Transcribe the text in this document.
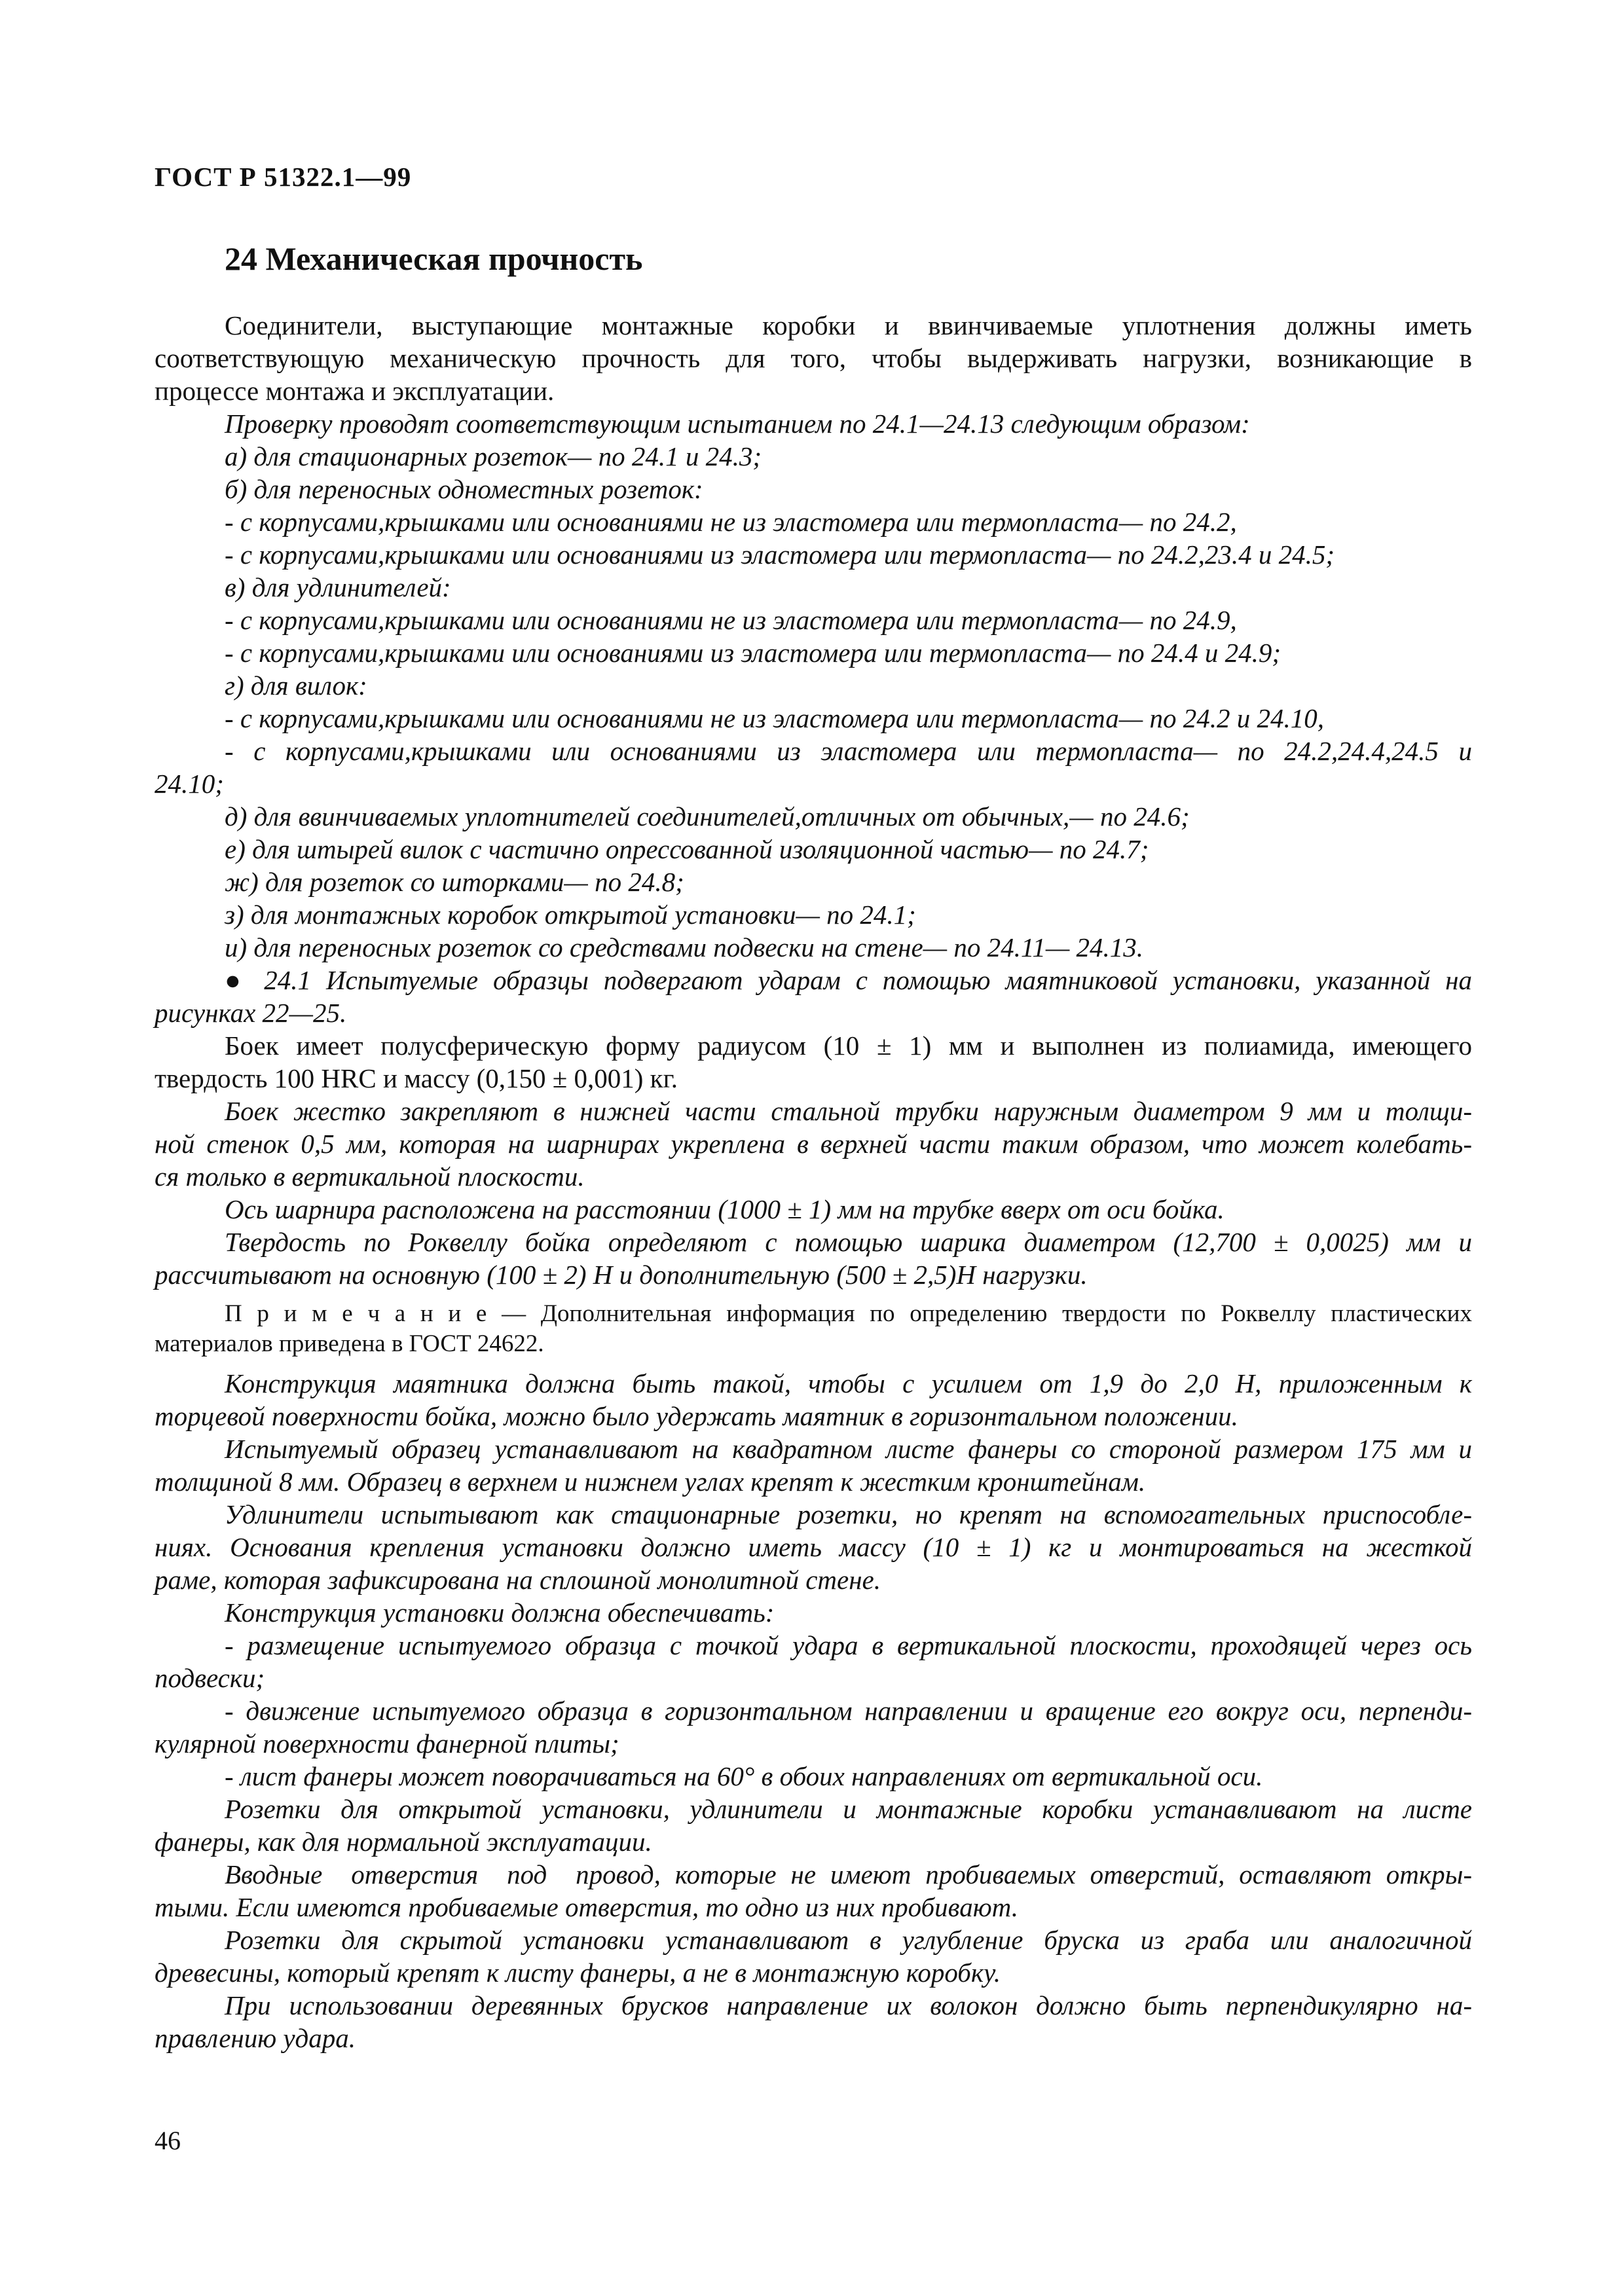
ГОСТ Р 51322.1—99
24 Механическая прочность
Соединители, выступающие монтажные коробки и ввинчиваемые уплотнения должны иметь
соответствующую механическую прочность для того, чтобы выдерживать нагрузки, возникающие в
процессе монтажа и эксплуатации.
Проверку проводят соответствующим испытанием по 24.1—24.13 следующим образом:
а) для стационарных розеток— по 24.1 и 24.3;
б) для переносных одноместных розеток:
- с корпусами,крышками или основаниями не из эластомера или термопласта— по 24.2,
- с корпусами,крышками или основаниями из эластомера или термопласта— по 24.2,23.4 и 24.5;
в) для удлинителей:
- с корпусами,крышками или основаниями не из эластомера или термопласта— по 24.9,
- с корпусами,крышками или основаниями из эластомера или термопласта— по 24.4 и 24.9;
г) для вилок:
- с корпусами,крышками или основаниями не из эластомера или термопласта— по 24.2 и 24.10,
- с корпусами,крышками или основаниями из эластомера или термопласта— по 24.2,24.4,24.5 и
24.10;
д) для ввинчиваемых уплотнителей соединителей,отличных от обычных,— по 24.6;
е) для штырей вилок с частично опрессованной изоляционной частью— по 24.7;
ж) для розеток со шторками— по 24.8;
з) для монтажных коробок открытой установки— по 24.1;
и) для переносных розеток со средствами подвески на стене— по 24.11— 24.13.
● 24.1 Испытуемые образцы подвергают ударам с помощью маятниковой установки, указанной на
рисунках 22—25.
Боек имеет полусферическую форму радиусом (10 ± 1) мм и выполнен из полиамида, имеющего
твердость 100 HRC и массу (0,150 ± 0,001) кг.
Боек жестко закрепляют в нижней части стальной трубки наружным диаметром 9 мм и толщи-
ной стенок 0,5 мм, которая на шарнирах укреплена в верхней части таким образом, что может колебать-
ся только в вертикальной плоскости.
Ось шарнира расположена на расстоянии (1000 ± 1) мм на трубке вверх от оси бойка.
Твердость по Роквеллу бойка определяют с помощью шарика диаметром (12,700 ± 0,0025) мм и
рассчитывают на основную (100 ± 2) Н и дополнительную (500 ± 2,5)Н нагрузки.
П р и м е ч а н и е — Дополнительная информация по определению твердости по Роквеллу пластических
материалов приведена в ГОСТ 24622.
Конструкция маятника должна быть такой, чтобы с усилием от 1,9 до 2,0 Н, приложенным к
торцевой поверхности бойка, можно было удержать маятник в горизонтальном положении.
Испытуемый образец устанавливают на квадратном листе фанеры со стороной размером 175 мм и
толщиной 8 мм. Образец в верхнем и нижнем углах крепят к жестким кронштейнам.
Удлинители испытывают как стационарные розетки, но крепят на вспомогательных приспособле-
ниях. Основания крепления установки должно иметь массу (10 ± 1) кг и монтироваться на жесткой
раме, которая зафиксирована на сплошной монолитной стене.
Конструкция установки должна обеспечивать:
- размещение испытуемого образца с точкой удара в вертикальной плоскости, проходящей через ось
подвески;
- движение испытуемого образца в горизонтальном направлении и вращение его вокруг оси, перпенди-
кулярной поверхности фанерной плиты;
- лист фанеры может поворачиваться на 60° в обоих направлениях от вертикальной оси.
Розетки для открытой установки, удлинители и монтажные коробки устанавливают на листе
фанеры, как для нормальной эксплуатации.
Вводные  отверстия  под  провод, которые не имеют пробиваемых отверстий, оставляют откры-
тыми. Если имеются пробиваемые отверстия, то одно из них пробивают.
Розетки для скрытой установки устанавливают в углубление бруска из граба или аналогичной
древесины, который крепят к листу фанеры, а не в монтажную коробку.
При использовании деревянных брусков направление их волокон должно быть перпендикулярно на-
правлению удара.
46
